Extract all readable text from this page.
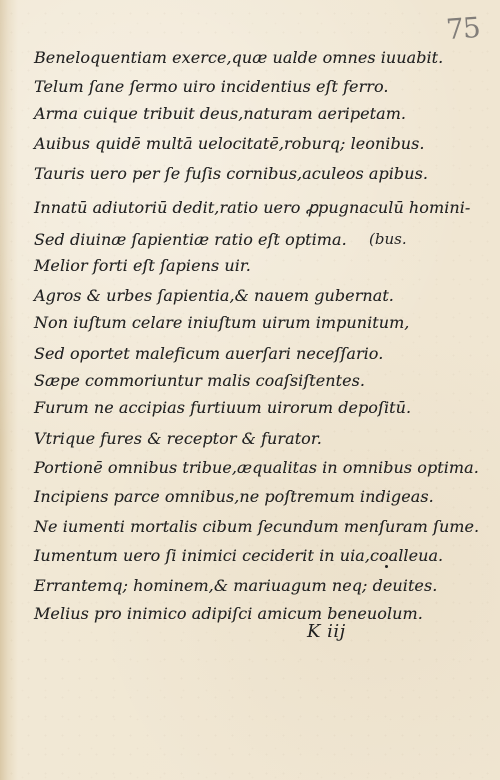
75
Beneloquentiam exerce,quæ ualde omnes iuuabit.
Telum ſane ſermo uiro incidentius eſt ferro.
Arma cuique tribuit deus,naturam aeripetam.
Auibus quidē multā uelocitatē,roburq; leonibus.
Tauris uero per ſe fuſis cornibus,aculeos apibus.
Innatū adiutoriū dedit,ratio uero ꝓpugnaculū homini-
Sed diuinæ ſapientiæ ratio eſt optima. (bus.
Melior forti eſt ſapiens uir.
Agros & urbes ſapientia,& nauem gubernat.
Non iuſtum celare iniuſtum uirum impunitum,
Sed oportet maleficum auerſari neceſſario.
Sæpe commoriuntur malis coaſsiſtentes.
Furum ne accipias furtiuum uirorum depoſitū.
Vtrique fures & receptor & furator.
Portionē omnibus tribue,æqualitas in omnibus optima.
Incipiens parce omnibus,ne poſtremum indigeas.
Ne iumenti mortalis cibum ſecundum menſuram ſume.
Iumentum uero ſi inimici ceciderit in uia,coalleua.
Errantemq; hominem,& mariuagum neq; deuites.
Melius pro inimico adipiſci amicum beneuolum.
K iij
